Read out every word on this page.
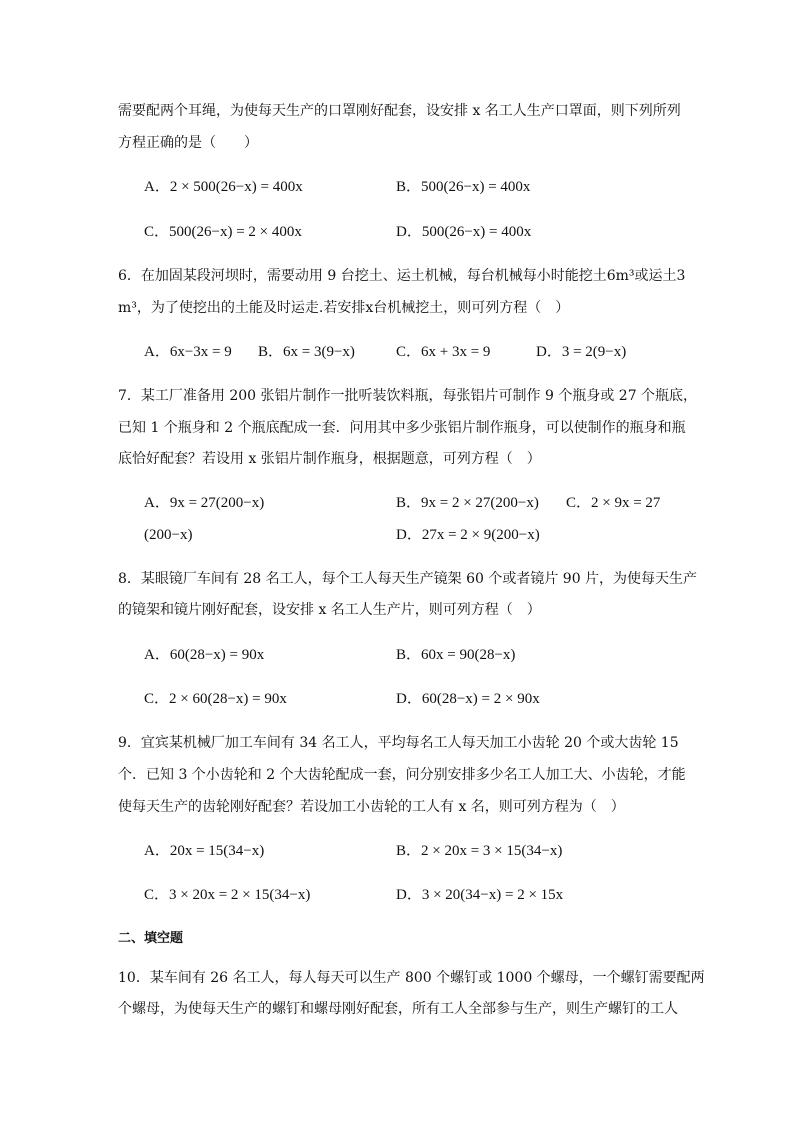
需要配两个耳绳，为使每天生产的口罩刚好配套，设安排 x 名工人生产口罩面，则下列所列
方程正确的是（　　）
A．2 × 500(26−x) = 400x	B．500(26−x) = 400x
C．500(26−x) = 2 × 400x	D．500(26−x) = 400x
6．在加固某段河坝时，需要动用 9 台挖土、运土机械，每台机械每小时能挖土6m³或运土3
m³，为了使挖出的土能及时运走.若安排x台机械挖土，则可列方程（　）
A．6x−3x = 9 B．6x = 3(9−x)	C．6x + 3x = 9	D．3 = 2(9−x)
7．某工厂准备用 200 张铝片制作一批听装饮料瓶，每张铝片可制作 9 个瓶身或 27 个瓶底，
已知 1 个瓶身和 2 个瓶底配成一套．问用其中多少张铝片制作瓶身，可以使制作的瓶身和瓶
底恰好配套？若设用 x 张铝片制作瓶身，根据题意，可列方程（　）
A．9x = 27(200−x)	B．9x = 2 × 27(200−x) C．2 × 9x = 27
(200−x)	D．27x = 2 × 9(200−x)
8．某眼镜厂车间有 28 名工人，每个工人每天生产镜架 60 个或者镜片 90 片，为使每天生产
的镜架和镜片刚好配套，设安排 x 名工人生产片，则可列方程（　）
A．60(28−x) = 90x	B．60x = 90(28−x)
C．2 × 60(28−x) = 90x	D．60(28−x) = 2 × 90x
9．宜宾某机械厂加工车间有 34 名工人，平均每名工人每天加工小齿轮 20 个或大齿轮 15
个．已知 3 个小齿轮和 2 个大齿轮配成一套，问分别安排多少名工人加工大、小齿轮，才能
使每天生产的齿轮刚好配套？若设加工小齿轮的工人有 x 名，则可列方程为（　）
A．20x = 15(34−x)	B．2 × 20x = 3 × 15(34−x)
C．3 × 20x = 2 × 15(34−x)	D．3 × 20(34−x) = 2 × 15x
二、填空题
10．某车间有 26 名工人，每人每天可以生产 800 个螺钉或 1000 个螺母，一个螺钉需要配两
个螺母，为使每天生产的螺钉和螺母刚好配套，所有工人全部参与生产，则生产螺钉的工人
